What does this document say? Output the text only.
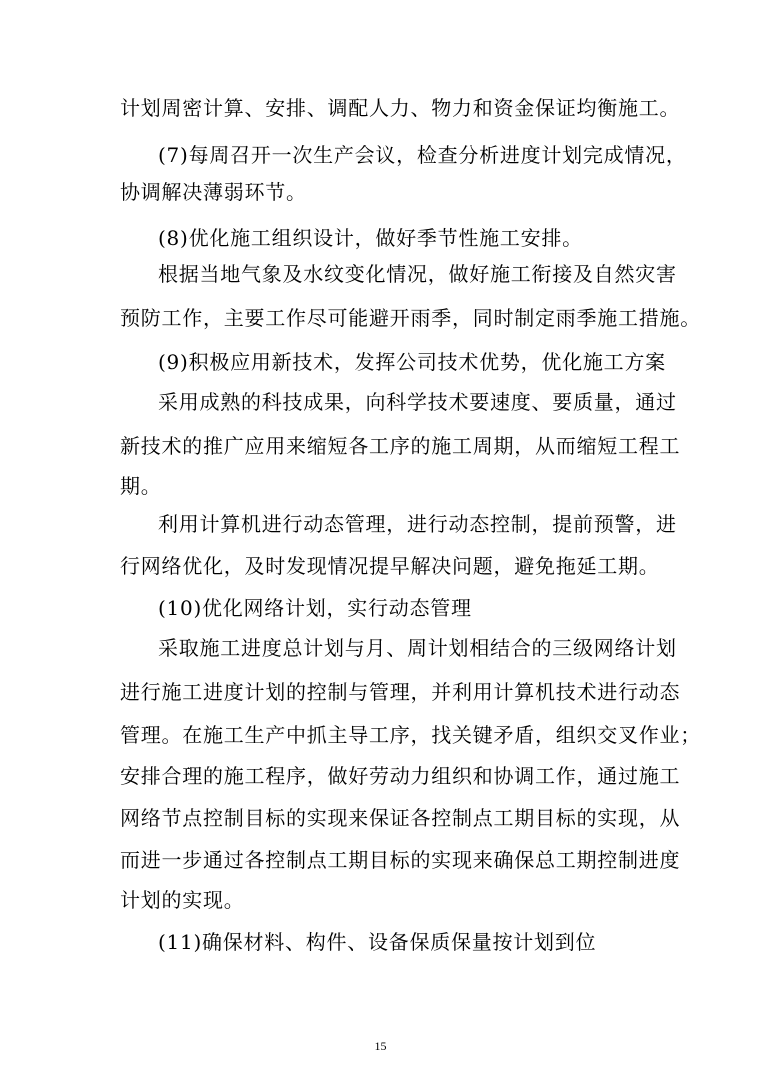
计划周密计算、安排、调配人力、物力和资金保证均衡施工。
(7)每周召开一次生产会议，检查分析进度计划完成情况，
协调解决薄弱环节。
(8)优化施工组织设计，做好季节性施工安排。
根据当地气象及水纹变化情况，做好施工衔接及自然灾害
预防工作，主要工作尽可能避开雨季，同时制定雨季施工措施。
(9)积极应用新技术，发挥公司技术优势，优化施工方案
采用成熟的科技成果，向科学技术要速度、要质量，通过
新技术的推广应用来缩短各工序的施工周期，从而缩短工程工
期。
利用计算机进行动态管理，进行动态控制，提前预警，进
行网络优化，及时发现情况提早解决问题，避免拖延工期。
(10)优化网络计划，实行动态管理
采取施工进度总计划与月、周计划相结合的三级网络计划
进行施工进度计划的控制与管理，并利用计算机技术进行动态
管理。在施工生产中抓主导工序，找关键矛盾，组织交叉作业；
安排合理的施工程序，做好劳动力组织和协调工作，通过施工
网络节点控制目标的实现来保证各控制点工期目标的实现，从
而进一步通过各控制点工期目标的实现来确保总工期控制进度
计划的实现。
(11)确保材料、构件、设备保质保量按计划到位
15
